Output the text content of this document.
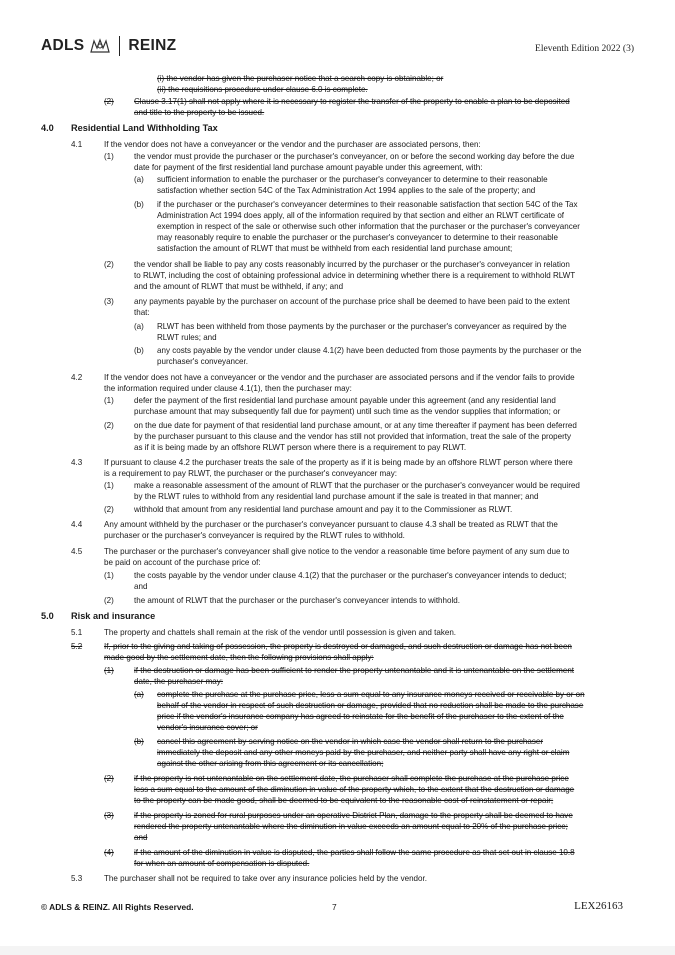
ADLS	REINZ	Eleventh Edition 2022 (3)
(i) the vendor has given the purchaser notice that a search copy is obtainable; or
(ii) the requisitions procedure under clause 6.0 is complete.
(2)	Clause 3.17(1) shall not apply where it is necessary to register the transfer of the property to enable a plan to be deposited
and title to the property to be issued.
4.0 Residential Land Withholding Tax
4.1	If the vendor does not have a conveyancer or the vendor and the purchaser are associated persons, then:
(1)	the vendor must provide the purchaser or the purchaser's conveyancer, on or before the second working day before the due
date for payment of the first residential land purchase amount payable under this agreement, with:
(a) sufficient information to enable the purchaser or the purchaser's conveyancer to determine to their reasonable
satisfaction whether section 54C of the Tax Administration Act 1994 applies to the sale of the property; and
(b) if the purchaser or the purchaser's conveyancer determines to their reasonable satisfaction that section 54C of the Tax
Administration Act 1994 does apply, all of the information required by that section and either an RLWT certificate of
exemption in respect of the sale or otherwise such other information that the purchaser or the purchaser's conveyancer
may reasonably require to enable the purchaser or the purchaser's conveyancer to determine to their reasonable
satisfaction the amount of RLWT that must be withheld from each residential land purchase amount;
(2)	the vendor shall be liable to pay any costs reasonably incurred by the purchaser or the purchaser's conveyancer in relation
to RLWT, including the cost of obtaining professional advice in determining whether there is a requirement to withhold RLWT
and the amount of RLWT that must be withheld, if any; and
(3)	any payments payable by the purchaser on account of the purchase price shall be deemed to have been paid to the extent
that:
(a) RLWT has been withheld from those payments by the purchaser or the purchaser's conveyancer as required by the
RLWT rules; and
(b) any costs payable by the vendor under clause 4.1(2) have been deducted from those payments by the purchaser or the
purchaser's conveyancer.
4.2	If the vendor does not have a conveyancer or the vendor and the purchaser are associated persons and if the vendor fails to provide
the information required under clause 4.1(1), then the purchaser may:
(1)	defer the payment of the first residential land purchase amount payable under this agreement (and any residential land
purchase amount that may subsequently fall due for payment) until such time as the vendor supplies that information; or
(2)	on the due date for payment of that residential land purchase amount, or at any time thereafter if payment has been deferred
by the purchaser pursuant to this clause and the vendor has still not provided that information, treat the sale of the property
as if it is being made by an offshore RLWT person where there is a requirement to pay RLWT.
4.3	If pursuant to clause 4.2 the purchaser treats the sale of the property as if it is being made by an offshore RLWT person where there
is a requirement to pay RLWT, the purchaser or the purchaser's conveyancer may:
(1)	make a reasonable assessment of the amount of RLWT that the purchaser or the purchaser's conveyancer would be required
by the RLWT rules to withhold from any residential land purchase amount if the sale is treated in that manner; and
(2)	withhold that amount from any residential land purchase amount and pay it to the Commissioner as RLWT.
4.4	Any amount withheld by the purchaser or the purchaser's conveyancer pursuant to clause 4.3 shall be treated as RLWT that the
purchaser or the purchaser's conveyancer is required by the RLWT rules to withhold.
4.5	The purchaser or the purchaser's conveyancer shall give notice to the vendor a reasonable time before payment of any sum due to
be paid on account of the purchase price of:
(1)	the costs payable by the vendor under clause 4.1(2) that the purchaser or the purchaser's conveyancer intends to deduct;
and
(2)	the amount of RLWT that the purchaser or the purchaser's conveyancer intends to withhold.
5.0 Risk and insurance
5.1	The property and chattels shall remain at the risk of the vendor until possession is given and taken.
5.2	If, prior to the giving and taking of possession, the property is destroyed or damaged, and such destruction or damage has not been
made good by the settlement date, then the following provisions shall apply:
(1)	if the destruction or damage has been sufficient to render the property untenantable and it is untenantable on the settlement
date, the purchaser may:
(a) complete the purchase at the purchase price, less a sum equal to any insurance moneys received or receivable by or on
behalf of the vendor in respect of such destruction or damage, provided that no reduction shall be made to the purchase
price if the vendor's insurance company has agreed to reinstate for the benefit of the purchaser to the extent of the
vendor's insurance cover; or
(b) cancel this agreement by serving notice on the vendor in which case the vendor shall return to the purchaser
immediately the deposit and any other moneys paid by the purchaser, and neither party shall have any right or claim
against the other arising from this agreement or its cancellation;
(2)	if the property is not untenantable on the settlement date, the purchaser shall complete the purchase at the purchase price
less a sum equal to the amount of the diminution in value of the property which, to the extent that the destruction or damage
to the property can be made good, shall be deemed to be equivalent to the reasonable cost of reinstatement or repair;
(3)	if the property is zoned for rural purposes under an operative District Plan, damage to the property shall be deemed to have
rendered the property untenantable where the diminution in value exceeds an amount equal to 20% of the purchase price;
and
(4)	if the amount of the diminution in value is disputed, the parties shall follow the same procedure as that set out in clause 10.8
for when an amount of compensation is disputed.
5.3	The purchaser shall not be required to take over any insurance policies held by the vendor.
© ADLS & REINZ. All Rights Reserved.	7	LEX26163
